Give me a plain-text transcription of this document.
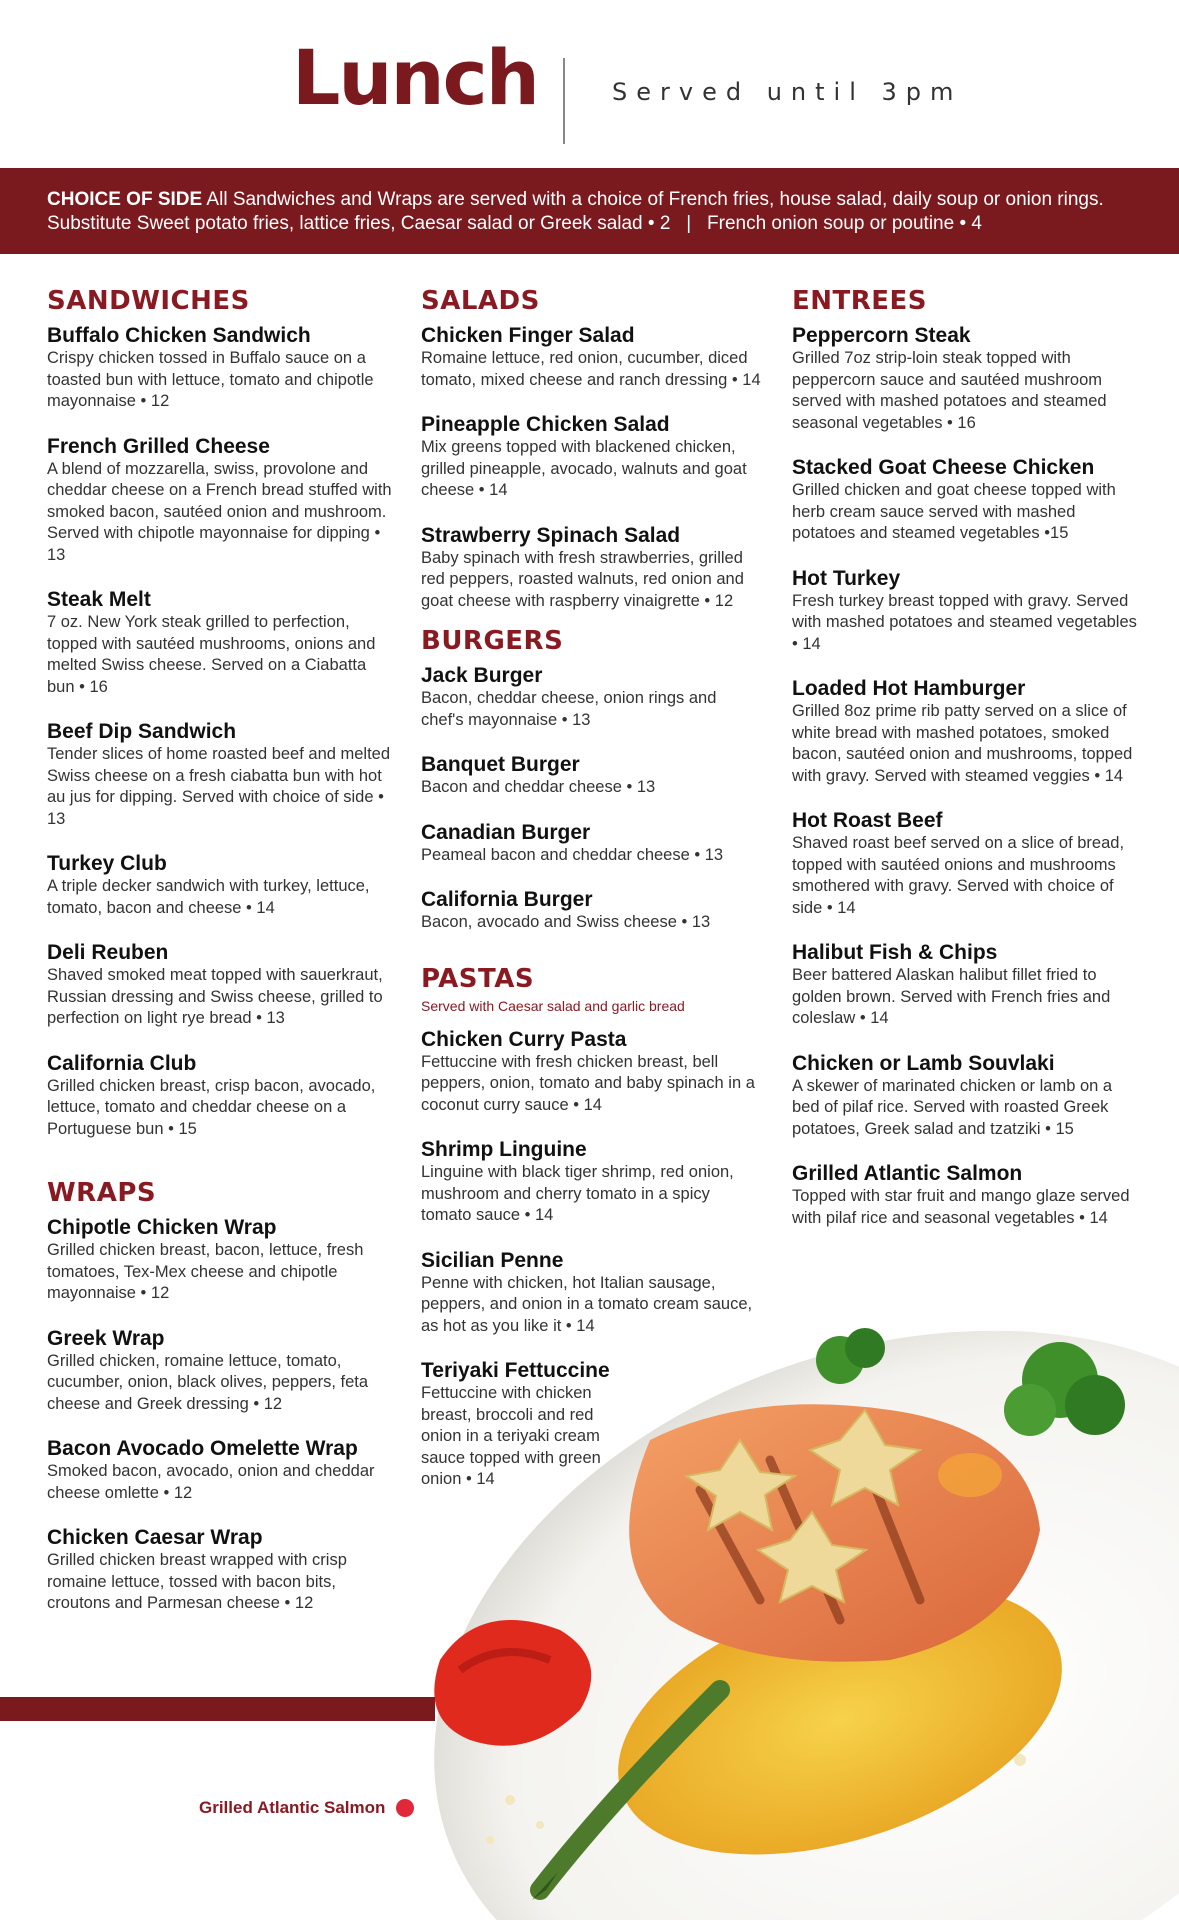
Lunch	Served until 3pm
CHOICE OF SIDE All Sandwiches and Wraps are served with a choice of French fries, house salad, daily soup or onion rings.
Substitute Sweet potato fries, lattice fries, Caesar salad or Greek salad • 2   |   French onion soup or poutine • 4
SANDWICHES
Buffalo Chicken Sandwich
Crispy chicken tossed in Buffalo sauce on a toasted bun with lettuce, tomato and chipotle mayonnaise • 12
French Grilled Cheese
A blend of mozzarella, swiss, provolone and cheddar cheese on a French bread stuffed with smoked bacon, sautéed onion and mushroom. Served with chipotle mayonnaise for dipping • 13
Steak Melt
7 oz. New York steak grilled to perfection, topped with sautéed mushrooms, onions and melted Swiss cheese. Served on a Ciabatta bun • 16
Beef Dip Sandwich
Tender slices of home roasted beef and melted Swiss cheese on a fresh ciabatta bun with hot au jus for dipping. Served with choice of side • 13
Turkey Club
A triple decker sandwich with turkey, lettuce, tomato, bacon and cheese • 14
Deli Reuben
Shaved smoked meat topped with sauerkraut, Russian dressing and Swiss cheese, grilled to perfection on light rye bread • 13
California Club
Grilled chicken breast, crisp bacon, avocado, lettuce, tomato and cheddar cheese on a Portuguese bun • 15
WRAPS
Chipotle Chicken Wrap
Grilled chicken breast, bacon, lettuce, fresh tomatoes, Tex-Mex cheese and chipotle mayonnaise • 12
Greek Wrap
Grilled chicken, romaine lettuce, tomato, cucumber, onion, black olives, peppers, feta cheese and Greek dressing • 12
Bacon Avocado Omelette Wrap
Smoked bacon, avocado, onion and cheddar cheese omlette • 12
Chicken Caesar Wrap
Grilled chicken breast wrapped with crisp romaine lettuce, tossed with bacon bits, croutons and Parmesan cheese • 12
SALADS
Chicken Finger Salad
Romaine lettuce, red onion, cucumber, diced tomato, mixed cheese and ranch dressing • 14
Pineapple Chicken Salad
Mix greens topped with blackened chicken, grilled pineapple, avocado, walnuts and goat cheese • 14
Strawberry Spinach Salad
Baby spinach with fresh strawberries, grilled red peppers, roasted walnuts, red onion and goat cheese with raspberry vinaigrette • 12
BURGERS
Jack Burger
Bacon, cheddar cheese, onion rings and chef's mayonnaise • 13
Banquet Burger
Bacon and cheddar cheese • 13
Canadian Burger
Peameal bacon and cheddar cheese • 13
California Burger
Bacon, avocado and Swiss cheese • 13
PASTAS
Served with Caesar salad and garlic bread
Chicken Curry Pasta
Fettuccine with fresh chicken breast, bell peppers, onion, tomato and baby spinach in a coconut curry sauce • 14
Shrimp Linguine
Linguine with black tiger shrimp, red onion, mushroom and cherry tomato in a spicy tomato sauce • 14
Sicilian Penne
Penne with chicken, hot Italian sausage, peppers, and onion in a tomato cream sauce, as hot as you like it • 14
Teriyaki Fettuccine
Fettuccine with chicken breast, broccoli and red onion in a teriyaki cream sauce topped with green onion • 14
ENTREES
Peppercorn Steak
Grilled 7oz strip-loin steak topped with peppercorn sauce and sautéed mushroom served with mashed potatoes and steamed seasonal vegetables • 16
Stacked Goat Cheese Chicken
Grilled chicken and goat cheese topped with herb cream sauce served with mashed potatoes and steamed vegetables •15
Hot Turkey
Fresh turkey breast topped with gravy. Served with mashed potatoes and steamed vegetables • 14
Loaded Hot Hamburger
Grilled 8oz prime rib patty served on a slice of white bread with mashed potatoes, smoked bacon, sautéed onion and mushrooms, topped with gravy. Served with steamed veggies • 14
Hot Roast Beef
Shaved roast beef served on a slice of bread, topped with sautéed onions and mushrooms smothered with gravy. Served with choice of side • 14
Halibut Fish & Chips
Beer battered Alaskan halibut fillet fried to golden brown. Served with French fries and coleslaw • 14
Chicken or Lamb Souvlaki
A skewer of marinated chicken or lamb on a bed of pilaf rice. Served with roasted Greek potatoes, Greek salad and tzatziki • 15
Grilled Atlantic Salmon
Topped with star fruit and mango glaze served with pilaf rice and seasonal vegetables • 14
Grilled Atlantic Salmon
